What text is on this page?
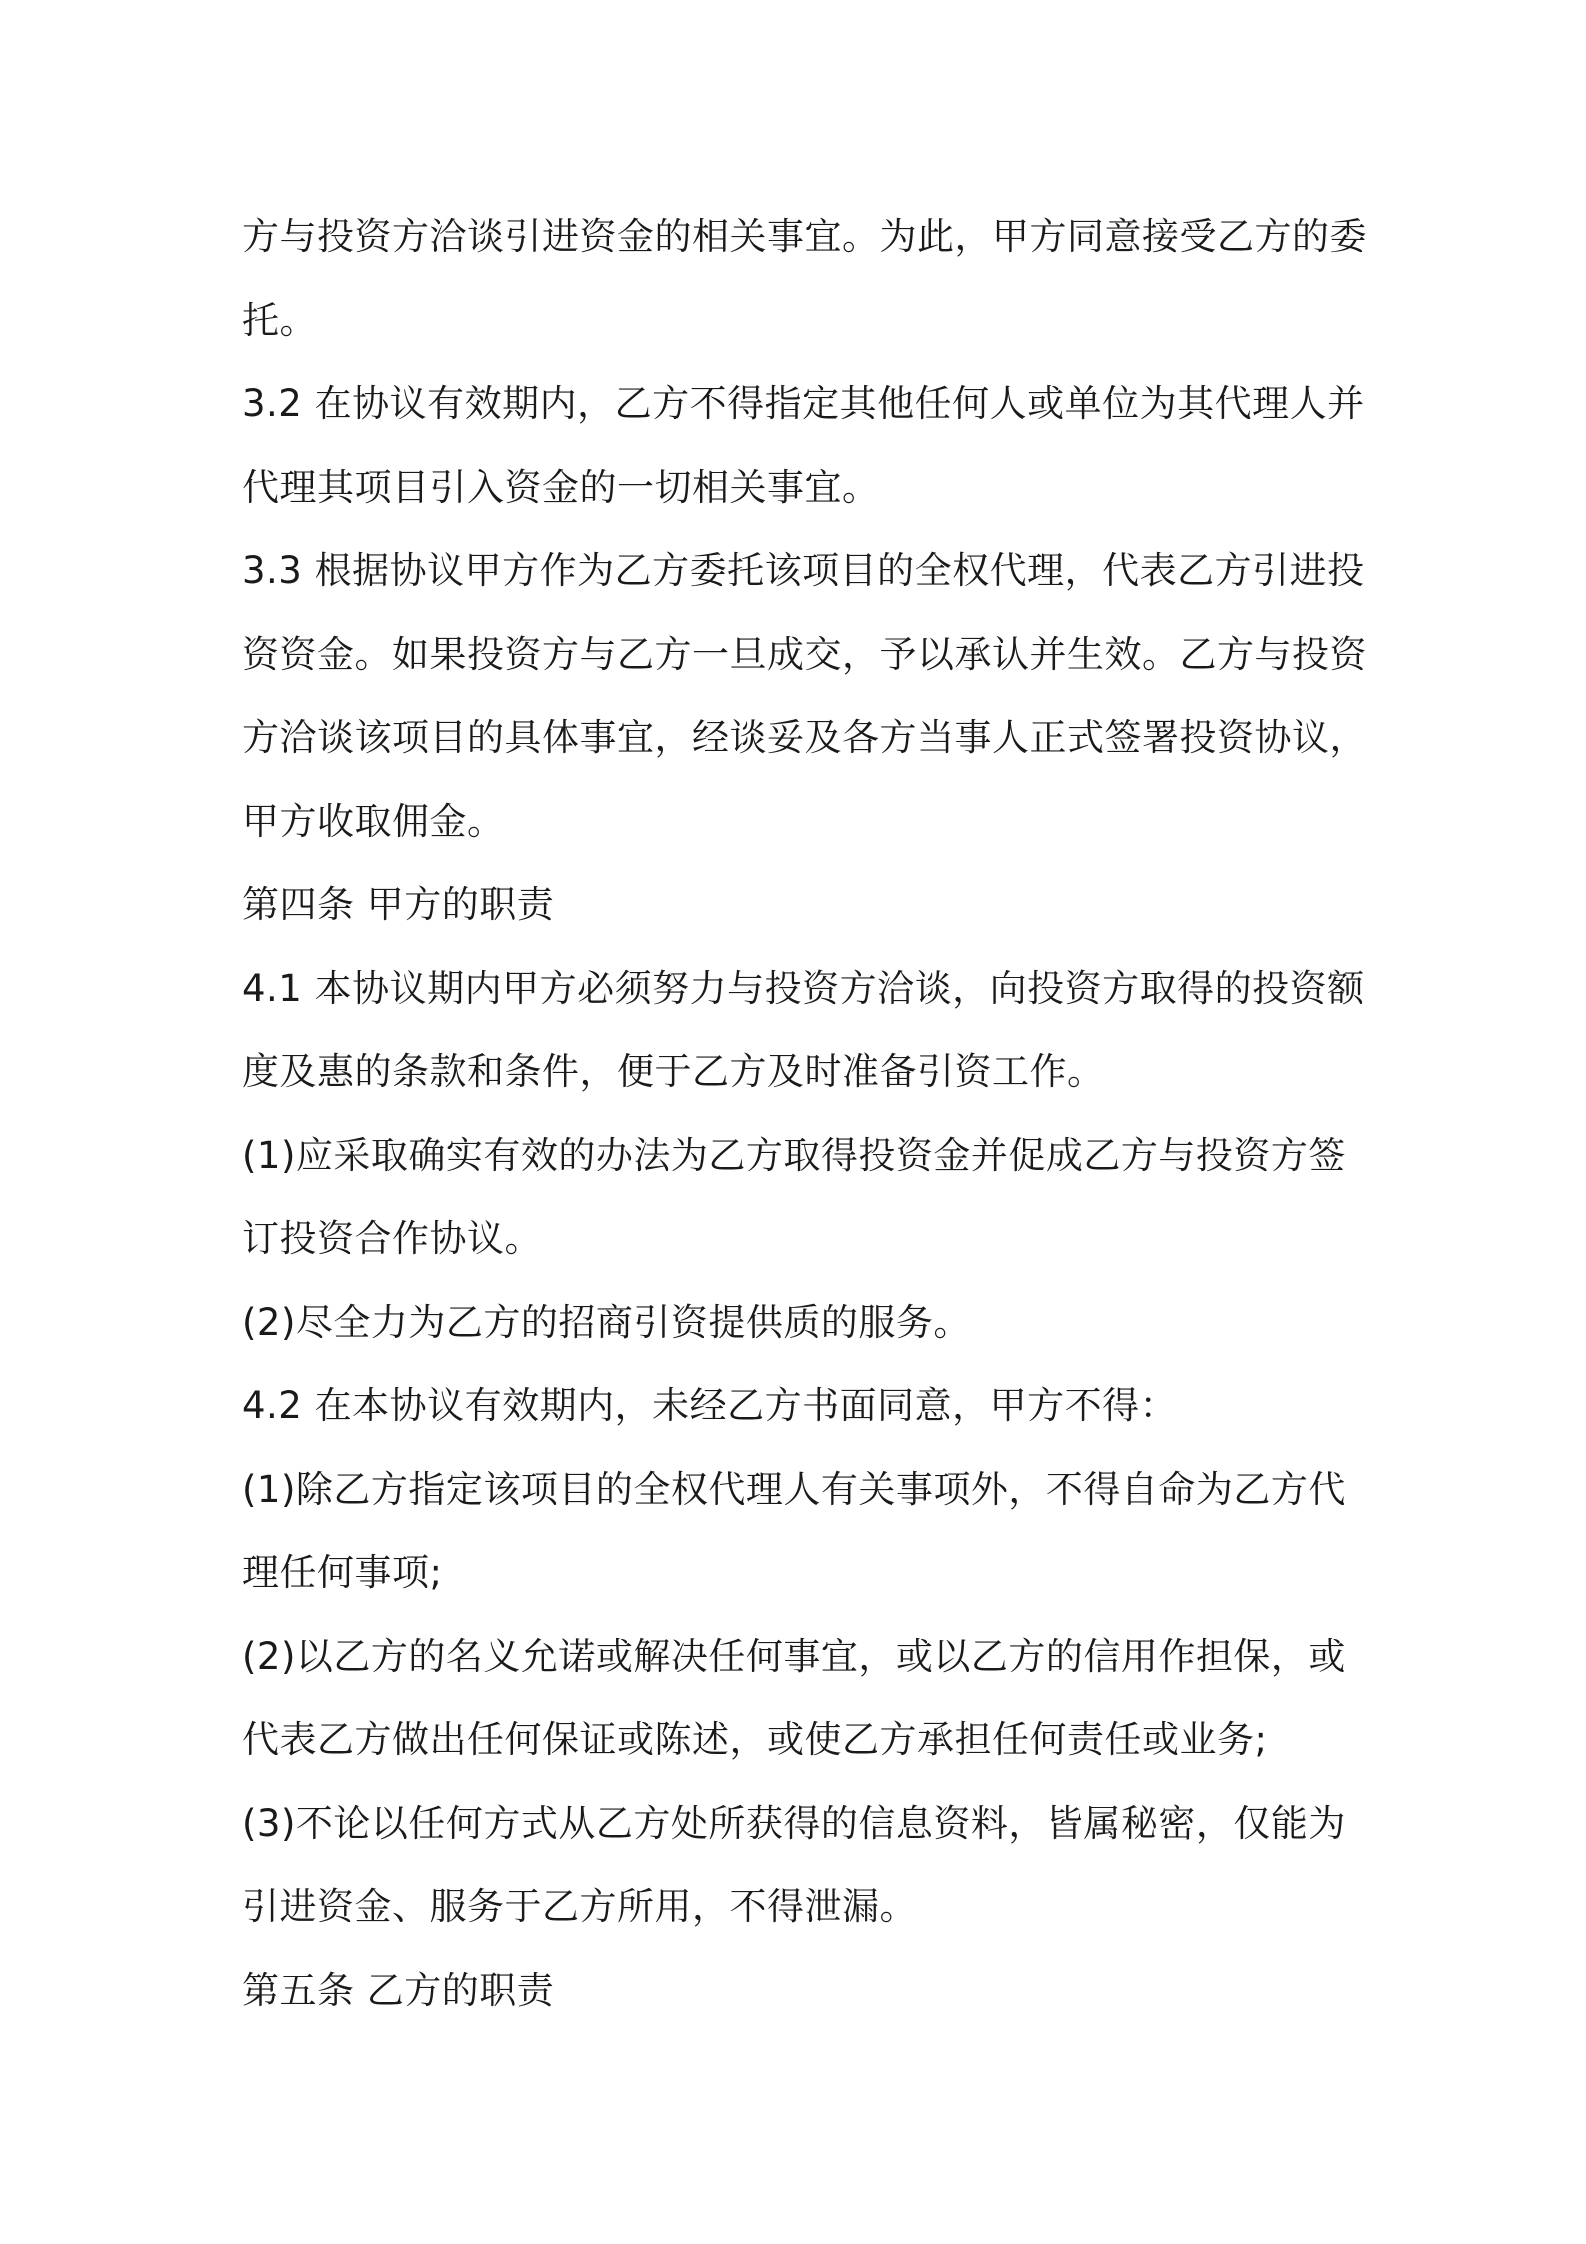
方与投资方洽谈引进资金的相关事宜。为此，甲方同意接受乙方的委
托。
3.2 在协议有效期内，乙方不得指定其他任何人或单位为其代理人并
代理其项目引入资金的一切相关事宜。
3.3 根据协议甲方作为乙方委托该项目的全权代理，代表乙方引进投
资资金。如果投资方与乙方一旦成交，予以承认并生效。乙方与投资
方洽谈该项目的具体事宜，经谈妥及各方当事人正式签署投资协议，
甲方收取佣金。
第四条 甲方的职责
4.1 本协议期内甲方必须努力与投资方洽谈，向投资方取得的投资额
度及惠的条款和条件，便于乙方及时准备引资工作。
(1)应采取确实有效的办法为乙方取得投资金并促成乙方与投资方签
订投资合作协议。
(2)尽全力为乙方的招商引资提供质的服务。
4.2 在本协议有效期内，未经乙方书面同意，甲方不得：
(1)除乙方指定该项目的全权代理人有关事项外，不得自命为乙方代
理任何事项;
(2)以乙方的名义允诺或解决任何事宜，或以乙方的信用作担保，或
代表乙方做出任何保证或陈述，或使乙方承担任何责任或业务;
(3)不论以任何方式从乙方处所获得的信息资料，皆属秘密，仅能为
引进资金、服务于乙方所用，不得泄漏。
第五条 乙方的职责
